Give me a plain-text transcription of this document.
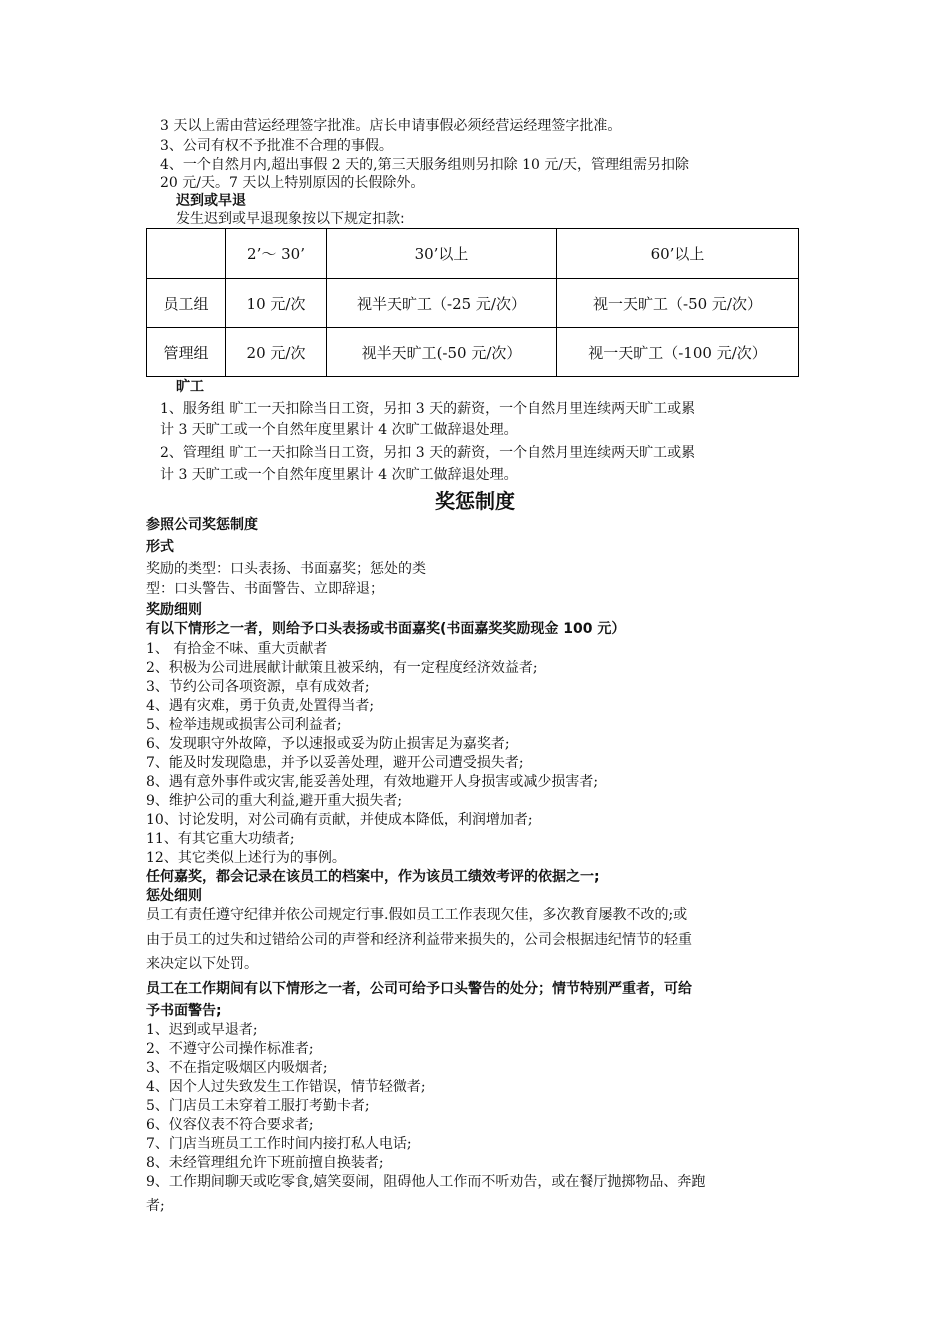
3 天以上需由营运经理签字批准。店长申请事假必须经营运经理签字批准。
3、公司有权不予批准不合理的事假。
4、一个自然月内,超出事假 2 天的,第三天服务组则另扣除 10 元/天，管理组需另扣除
20 元/天。7 天以上特别原因的长假除外。
迟到或早退
发生迟到或早退现象按以下规定扣款:
	2’～ 30’	30’以上	60’以上
员工组	10 元/次	视半天旷工（-25 元/次）	视一天旷工（-50 元/次）
管理组	20 元/次	视半天旷工(-50 元/次）	视一天旷工（-100 元/次）
旷工
1、服务组 旷工一天扣除当日工资，另扣 3 天的薪资，一个自然月里连续两天旷工或累
计 3 天旷工或一个自然年度里累计 4 次旷工做辞退处理。
2、管理组 旷工一天扣除当日工资，另扣 3 天的薪资，一个自然月里连续两天旷工或累
计 3 天旷工或一个自然年度里累计 4 次旷工做辞退处理。
奖惩制度
参照公司奖惩制度
形式
奖励的类型：口头表扬、书面嘉奖；惩处的类
型：口头警告、书面警告、立即辞退；
奖励细则
有以下情形之一者，则给予口头表扬或书面嘉奖(书面嘉奖奖励现金 100 元）
1、 有拾金不味、重大贡献者
2、积极为公司进展献计献策且被采纳，有一定程度经济效益者;
3、节约公司各项资源，卓有成效者;
4、遇有灾难，勇于负责,处置得当者;
5、检举违规或损害公司利益者;
6、发现职守外故障，予以速报或妥为防止损害足为嘉奖者;
7、能及时发现隐患，并予以妥善处理，避开公司遭受损失者;
8、遇有意外事件或灾害,能妥善处理，有效地避开人身损害或减少损害者;
9、维护公司的重大利益,避开重大损失者;
10、讨论发明，对公司确有贡献，并使成本降低，利润增加者;
11、有其它重大功绩者;
12、其它类似上述行为的事例。
任何嘉奖，都会记录在该员工的档案中，作为该员工绩效考评的依据之一;
惩处细则
员工有责任遵守纪律并依公司规定行事.假如员工工作表现欠佳，多次教育屡教不改的;或
由于员工的过失和过错给公司的声誉和经济利益带来损失的，公司会根据违纪情节的轻重
来决定以下处罚。
员工在工作期间有以下情形之一者，公司可给予口头警告的处分；情节特别严重者，可给
予书面警告;
1、迟到或早退者;
2、不遵守公司操作标准者;
3、不在指定吸烟区内吸烟者;
4、因个人过失致发生工作错误，情节轻微者;
5、门店员工未穿着工服打考勤卡者;
6、仪容仪表不符合要求者;
7、门店当班员工工作时间内接打私人电话;
8、未经管理组允许下班前擅自换装者;
9、工作期间聊天或吃零食,嬉笑耍闹，阻碍他人工作而不听劝告，或在餐厅抛掷物品、奔跑
者;
